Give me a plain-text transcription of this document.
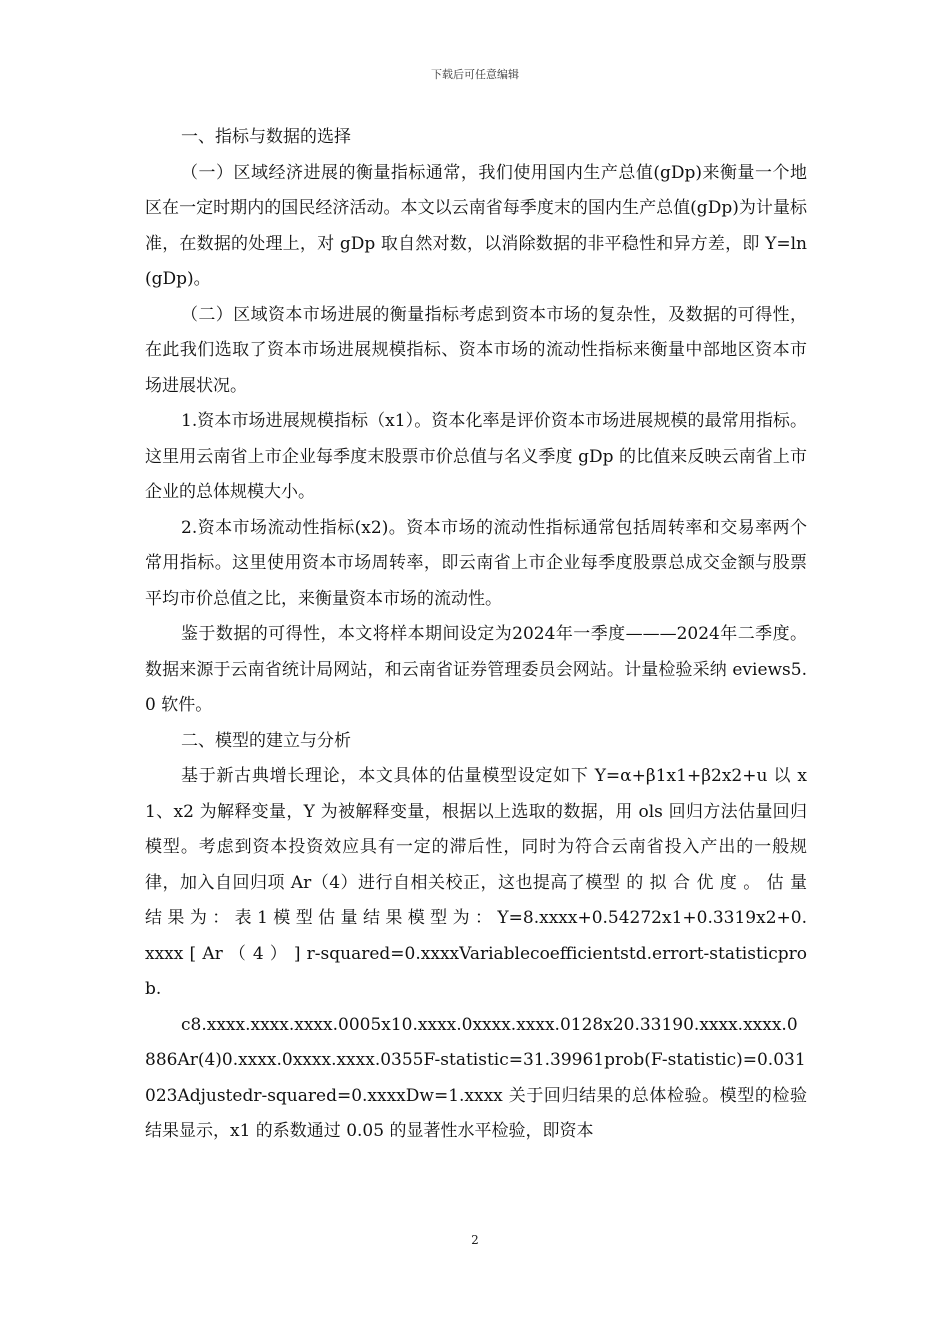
下载后可任意编辑

一、指标与数据的选择

（一）区域经济进展的衡量指标通常，我们使用国内生产总值(gDp)来衡量一个地区在一定时期内的国民经济活动。本文以云南省每季度末的国内生产总值(gDp)为计量标准，在数据的处理上，对 gDp 取自然对数，以消除数据的非平稳性和异方差，即 Y=ln(gDp)。

（二）区域资本市场进展的衡量指标考虑到资本市场的复杂性，及数据的可得性，在此我们选取了资本市场进展规模指标、资本市场的流动性指标来衡量中部地区资本市场进展状况。

1.资本市场进展规模指标（x1）。资本化率是评价资本市场进展规模的最常用指标。这里用云南省上市企业每季度末股票市价总值与名义季度 gDp 的比值来反映云南省上市企业的总体规模大小。

2.资本市场流动性指标(x2)。资本市场的流动性指标通常包括周转率和交易率两个常用指标。这里使用资本市场周转率，即云南省上市企业每季度股票总成交金额与股票平均市价总值之比，来衡量资本市场的流动性。

鉴于数据的可得性，本文将样本期间设定为2024年一季度———2024年二季度。数据来源于云南省统计局网站，和云南省证券管理委员会网站。计量检验采纳 eviews5.0 软件。

二、模型的建立与分析

基于新古典增长理论，本文具体的估量模型设定如下 Y=α+β1x1+β2x2+u 以 x1、x2 为解释变量，Y 为被解释变量，根据以上选取的数据，用 ols 回归方法估量回归模型。考虑到资本投资效应具有一定的滞后性，同时为符合云南省投入产出的一般规律，加入自回归项 Ar（4）进行自相关校正，这也提高了模型 的 拟 合 优 度 。 估 量 结 果 为 ： 表 1 模 型 估 量 结 果 模 型 为 ： Y=8.xxxx+0.54272x1+0.3319x2+0.xxxx [ Ar （ 4 ） ] r-squared=0.xxxxVariablecoefficientstd.errort-statisticprob.

c8.xxxx.xxxx.xxxx.0005x10.xxxx.0xxxx.xxxx.0128x20.33190.xxxx.xxxx.0886Ar(4)0.xxxx.0xxxx.xxxx.0355F-statistic=31.39961prob(F-statistic)=0.031023Adjustedr-squared=0.xxxxDw=1.xxxx 关于回归结果的总体检验。模型的检验结果显示，x1 的系数通过 0.05 的显著性水平检验，即资本

2
